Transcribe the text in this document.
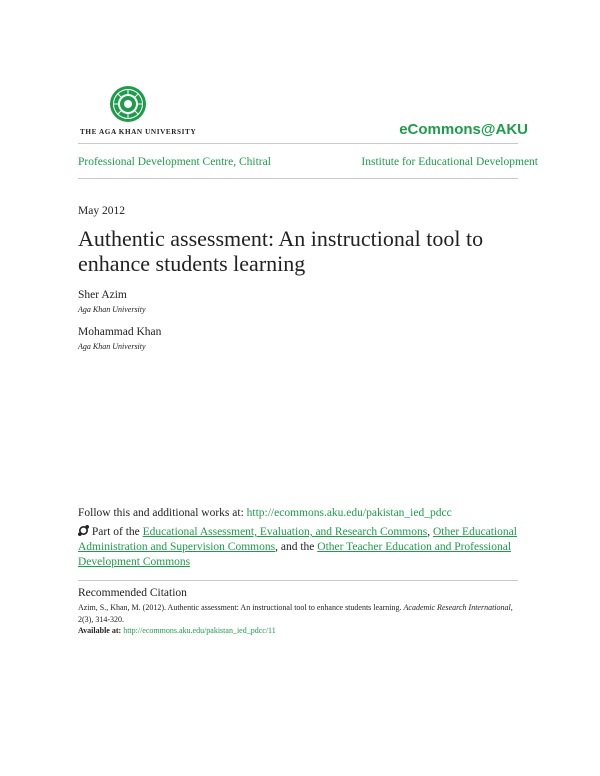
THE AGA KHAN UNIVERSITY	eCommons@AKU
Professional Development Centre, Chitral	Institute for Educational Development
May 2012
Authentic assessment: An instructional tool to enhance students learning
Sher Azim
Aga Khan University
Mohammad Khan
Aga Khan University
Follow this and additional works at: http://ecommons.aku.edu/pakistan_ied_pdcc
Part of the Educational Assessment, Evaluation, and Research Commons, Other Educational Administration and Supervision Commons, and the Other Teacher Education and Professional Development Commons
Recommended Citation
Azim, S., Khan, M. (2012). Authentic assessment: An instructional tool to enhance students learning. Academic Research International, 2(3), 314-320.
Available at: http://ecommons.aku.edu/pakistan_ied_pdcc/11
